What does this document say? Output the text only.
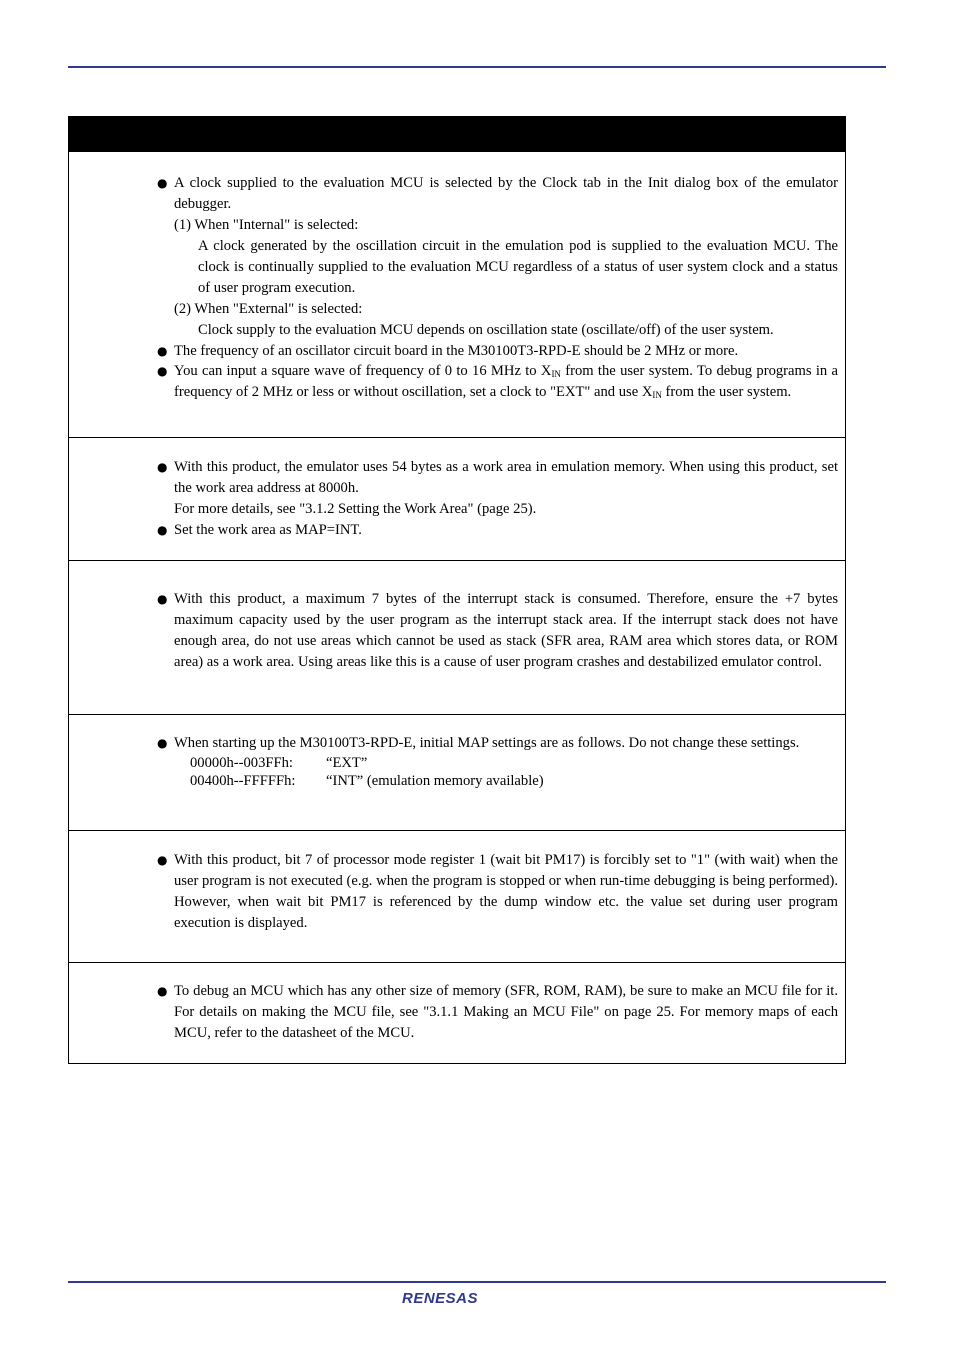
● A clock supplied to the evaluation MCU is selected by the Clock tab in the Init dialog box of the emulator debugger.
(1) When "Internal" is selected:
A clock generated by the oscillation circuit in the emulation pod is supplied to the evaluation MCU. The clock is continually supplied to the evaluation MCU regardless of a status of user system clock and a status of user program execution.
(2) When "External" is selected:
Clock supply to the evaluation MCU depends on oscillation state (oscillate/off) of the user system.
● The frequency of an oscillator circuit board in the M30100T3-RPD-E should be 2 MHz or more.
● You can input a square wave of frequency of 0 to 16 MHz to $X_{IN}$ from the user system. To debug programs in a frequency of 2 MHz or less or without oscillation, set a clock to "EXT" and use $X_{IN}$ from the user system.
● With this product, the emulator uses 54 bytes as a work area in emulation memory. When using this product, set the work area address at 8000h.
For more details, see "3.1.2 Setting the Work Area" (page 25).
● Set the work area as MAP=INT.
● With this product, a maximum 7 bytes of the interrupt stack is consumed. Therefore, ensure the +7 bytes maximum capacity used by the user program as the interrupt stack area. If the interrupt stack does not have enough area, do not use areas which cannot be used as stack (SFR area, RAM area which stores data, or ROM area) as a work area. Using areas like this is a cause of user program crashes and destabilized emulator control.
● When starting up the M30100T3-RPD-E, initial MAP settings are as follows. Do not change these settings.
00000h--003FFh: “EXT”
00400h--FFFFFh: “INT” (emulation memory available)
● With this product, bit 7 of processor mode register 1 (wait bit PM17) is forcibly set to "1" (with wait) when the user program is not executed (e.g. when the program is stopped or when run-time debugging is being performed). However, when wait bit PM17 is referenced by the dump window etc. the value set during user program execution is displayed.
● To debug an MCU which has any other size of memory (SFR, ROM, RAM), be sure to make an MCU file for it. For details on making the MCU file, see "3.1.1 Making an MCU File" on page 25. For memory maps of each MCU, refer to the datasheet of the MCU.
RENESAS
